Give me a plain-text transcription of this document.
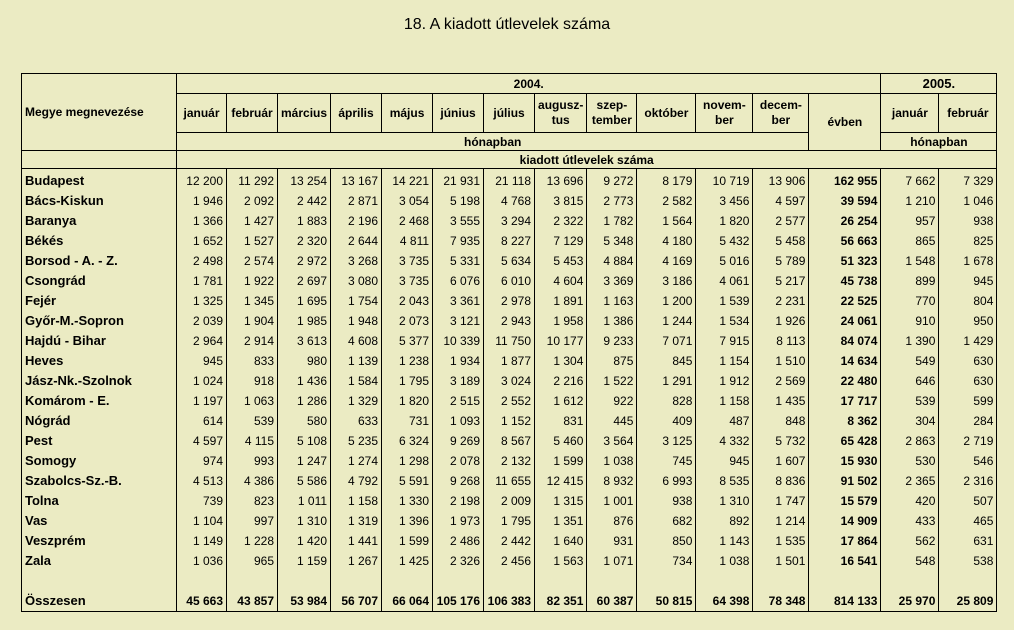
18. A kiadott útlevelek száma
Megye megnevezése	2004.													2005.	
	január	február	március	április	május	június	július	augusz-tus	szep-tember	október	novem-ber	decem-ber	évben	január	február
	hónapban													hónapban	
	kiadott útlevelek száma														
Budapest	12 200	11 292	13 254	13 167	14 221	21 931	21 118	13 696	9 272	8 179	10 719	13 906	162 955	7 662	7 329
Bács-Kiskun	1 946	2 092	2 442	2 871	3 054	5 198	4 768	3 815	2 773	2 582	3 456	4 597	39 594	1 210	1 046
Baranya	1 366	1 427	1 883	2 196	2 468	3 555	3 294	2 322	1 782	1 564	1 820	2 577	26 254	957	938
Békés	1 652	1 527	2 320	2 644	4 811	7 935	8 227	7 129	5 348	4 180	5 432	5 458	56 663	865	825
Borsod - A. - Z.	2 498	2 574	2 972	3 268	3 735	5 331	5 634	5 453	4 884	4 169	5 016	5 789	51 323	1 548	1 678
Csongrád	1 781	1 922	2 697	3 080	3 735	6 076	6 010	4 604	3 369	3 186	4 061	5 217	45 738	899	945
Fejér	1 325	1 345	1 695	1 754	2 043	3 361	2 978	1 891	1 163	1 200	1 539	2 231	22 525	770	804
Győr-M.-Sopron	2 039	1 904	1 985	1 948	2 073	3 121	2 943	1 958	1 386	1 244	1 534	1 926	24 061	910	950
Hajdú - Bihar	2 964	2 914	3 613	4 608	5 377	10 339	11 750	10 177	9 233	7 071	7 915	8 113	84 074	1 390	1 429
Heves	945	833	980	1 139	1 238	1 934	1 877	1 304	875	845	1 154	1 510	14 634	549	630
Jász-Nk.-Szolnok	1 024	918	1 436	1 584	1 795	3 189	3 024	2 216	1 522	1 291	1 912	2 569	22 480	646	630
Komárom - E.	1 197	1 063	1 286	1 329	1 820	2 515	2 552	1 612	922	828	1 158	1 435	17 717	539	599
Nógrád	614	539	580	633	731	1 093	1 152	831	445	409	487	848	8 362	304	284
Pest	4 597	4 115	5 108	5 235	6 324	9 269	8 567	5 460	3 564	3 125	4 332	5 732	65 428	2 863	2 719
Somogy	974	993	1 247	1 274	1 298	2 078	2 132	1 599	1 038	745	945	1 607	15 930	530	546
Szabolcs-Sz.-B.	4 513	4 386	5 586	4 792	5 591	9 268	11 655	12 415	8 932	6 993	8 535	8 836	91 502	2 365	2 316
Tolna	739	823	1 011	1 158	1 330	2 198	2 009	1 315	1 001	938	1 310	1 747	15 579	420	507
Vas	1 104	997	1 310	1 319	1 396	1 973	1 795	1 351	876	682	892	1 214	14 909	433	465
Veszprém	1 149	1 228	1 420	1 441	1 599	2 486	2 442	1 640	931	850	1 143	1 535	17 864	562	631
Zala	1 036	965	1 159	1 267	1 425	2 326	2 456	1 563	1 071	734	1 038	1 501	16 541	548	538
Összesen	45 663	43 857	53 984	56 707	66 064	105 176	106 383	82 351	60 387	50 815	64 398	78 348	814 133	25 970	25 809
